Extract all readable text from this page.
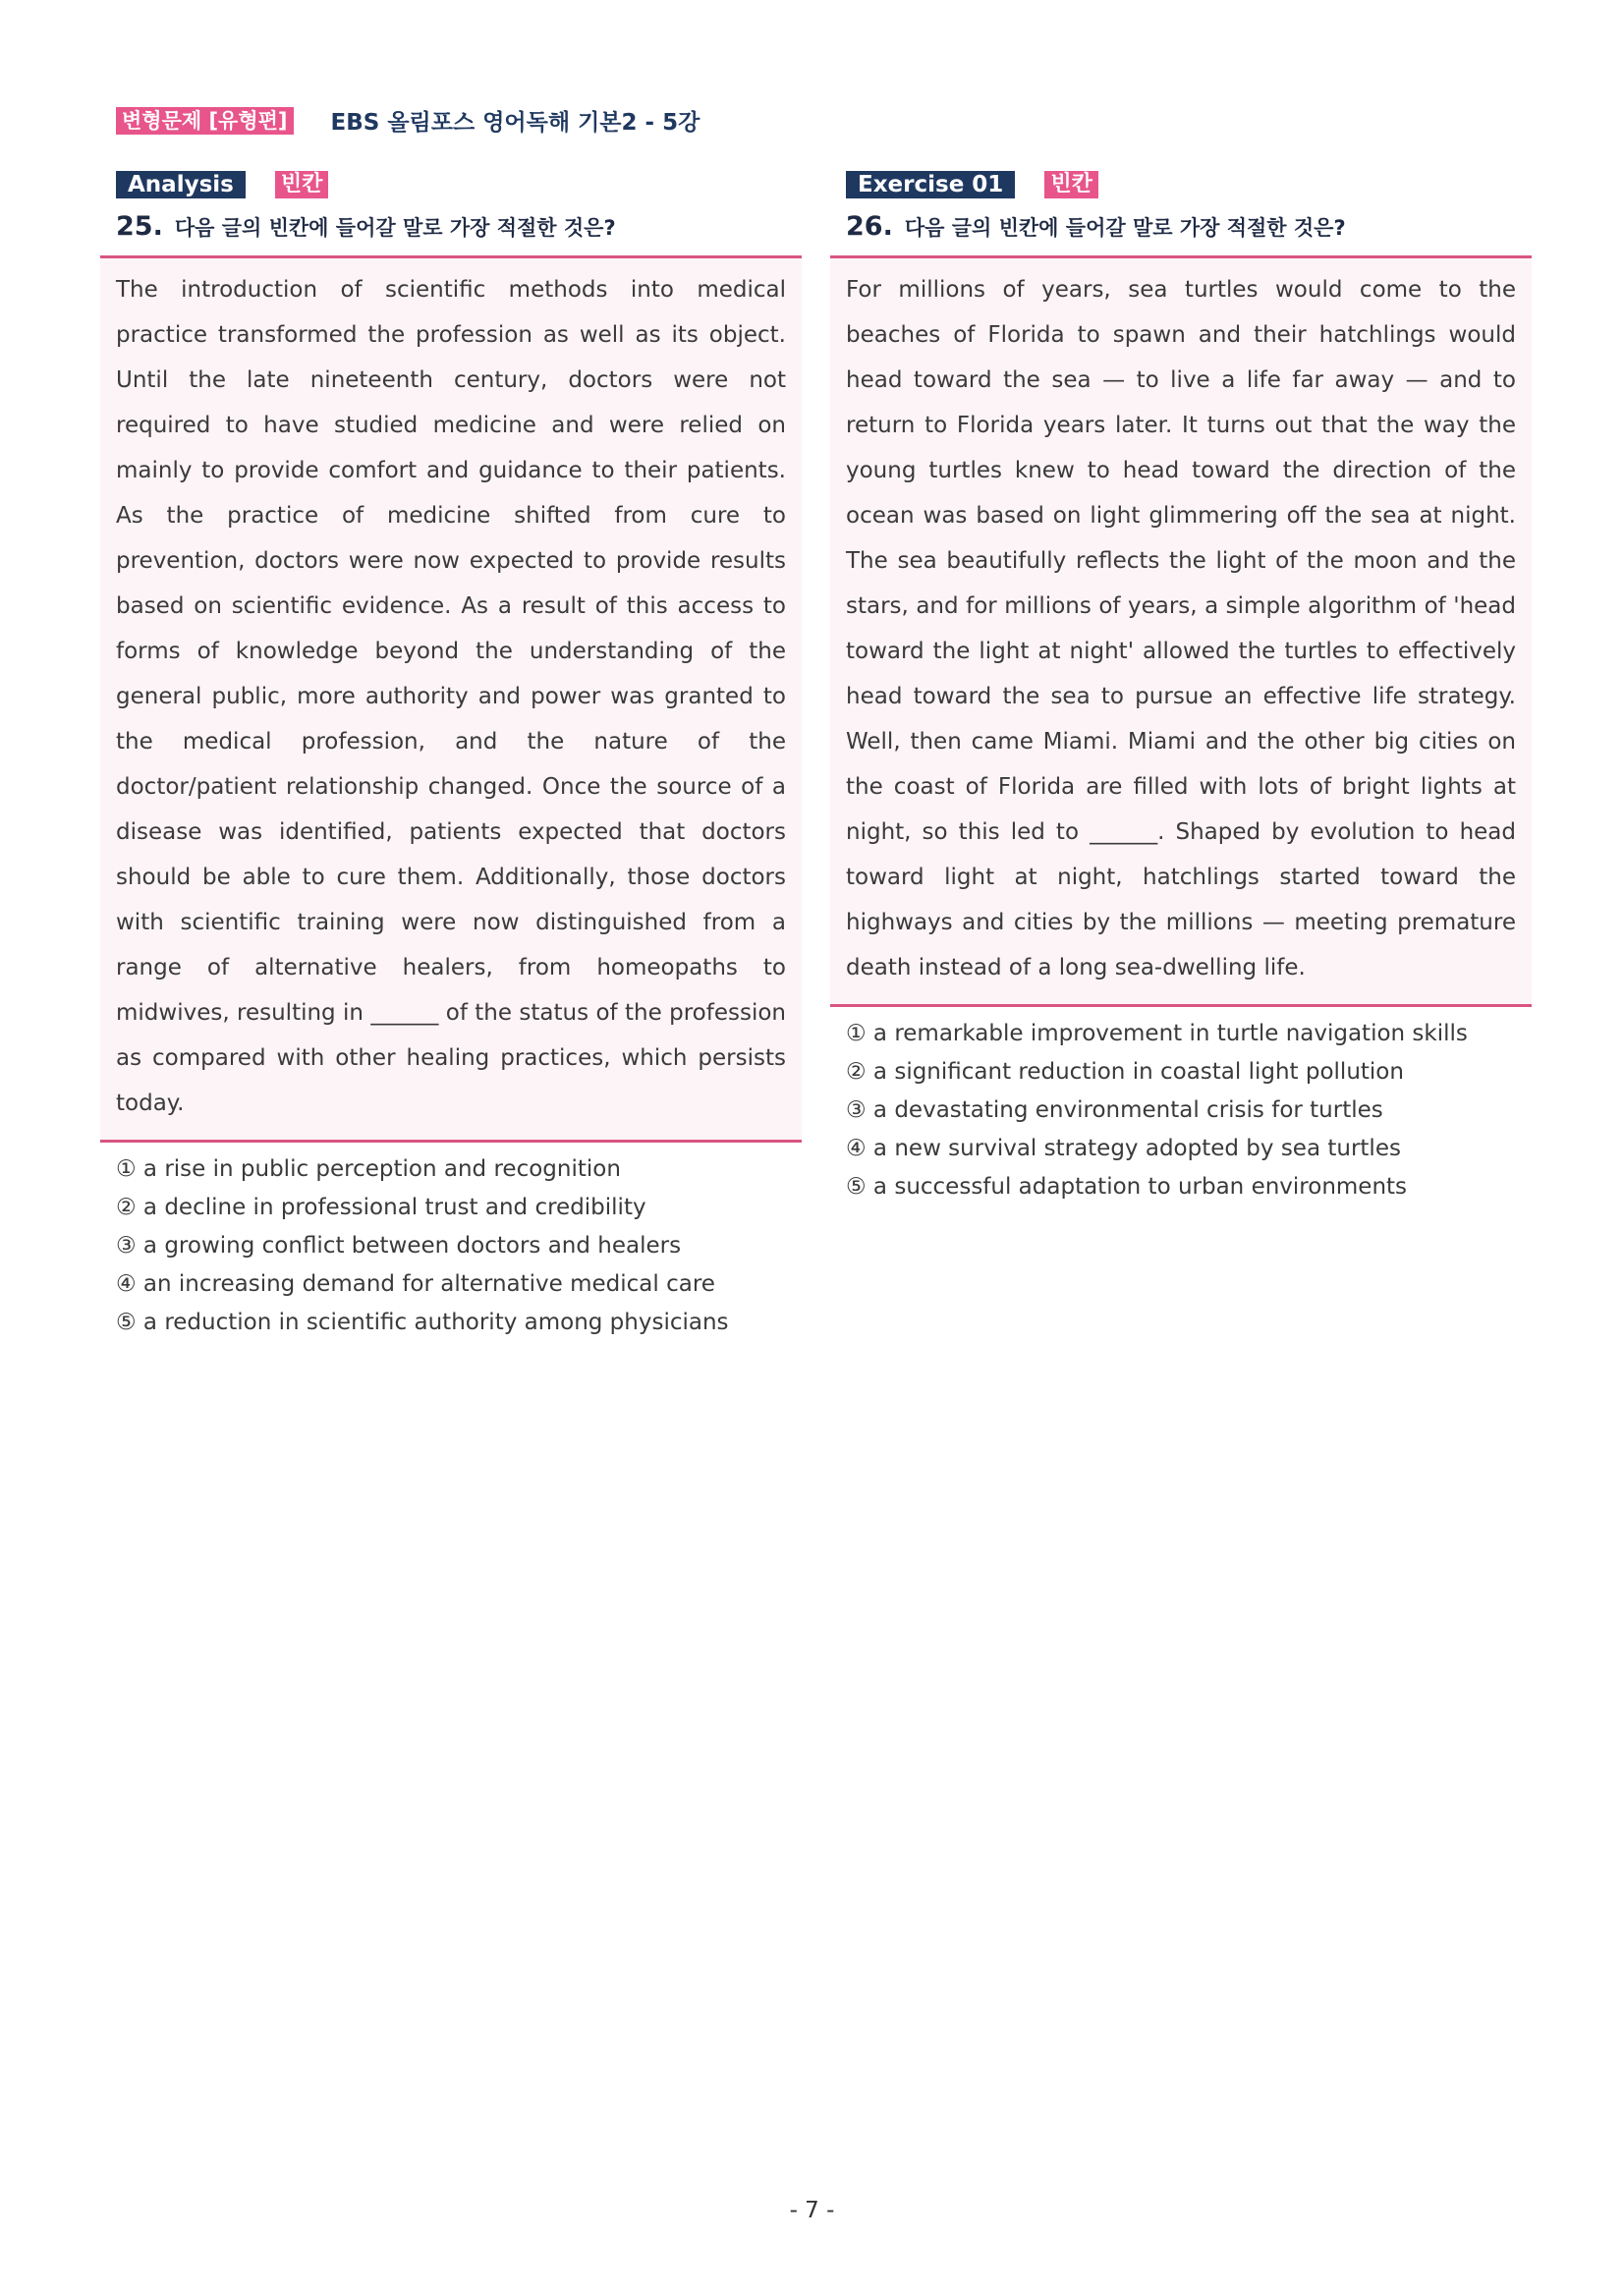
변형문제 [유형편] EBS 올림포스 영어독해 기본2 - 5강
Analysis	빈칸
25. 다음 글의 빈칸에 들어갈 말로 가장 적절한 것은?
The introduction of scientific methods into medical practice transformed the profession as well as its object. Until the late nineteenth century, doctors were not required to have studied medicine and were relied on mainly to provide comfort and guidance to their patients. As the practice of medicine shifted from cure to prevention, doctors were now expected to provide results based on scientific evidence. As a result of this access to forms of knowledge beyond the understanding of the general public, more authority and power was granted to the medical profession, and the nature of the doctor/patient relationship changed. Once the source of a disease was identified, patients expected that doctors should be able to cure them. Additionally, those doctors with scientific training were now distinguished from a range of alternative healers, from homeopaths to midwives, resulting in ______ of the status of the profession as compared with other healing practices, which persists today.
① a rise in public perception and recognition
② a decline in professional trust and credibility
③ a growing conflict between doctors and healers
④ an increasing demand for alternative medical care
⑤ a reduction in scientific authority among physicians
Exercise 01	빈칸
26. 다음 글의 빈칸에 들어갈 말로 가장 적절한 것은?
For millions of years, sea turtles would come to the beaches of Florida to spawn and their hatchlings would head toward the sea — to live a life far away — and to return to Florida years later. It turns out that the way the young turtles knew to head toward the direction of the ocean was based on light glimmering off the sea at night. The sea beautifully reflects the light of the moon and the stars, and for millions of years, a simple algorithm of 'head toward the light at night' allowed the turtles to effectively head toward the sea to pursue an effective life strategy. Well, then came Miami. Miami and the other big cities on the coast of Florida are filled with lots of bright lights at night, so this led to ______. Shaped by evolution to head toward light at night, hatchlings started toward the highways and cities by the millions — meeting premature death instead of a long sea-dwelling life.
① a remarkable improvement in turtle navigation skills
② a significant reduction in coastal light pollution
③ a devastating environmental crisis for turtles
④ a new survival strategy adopted by sea turtles
⑤ a successful adaptation to urban environments
- 7 -
